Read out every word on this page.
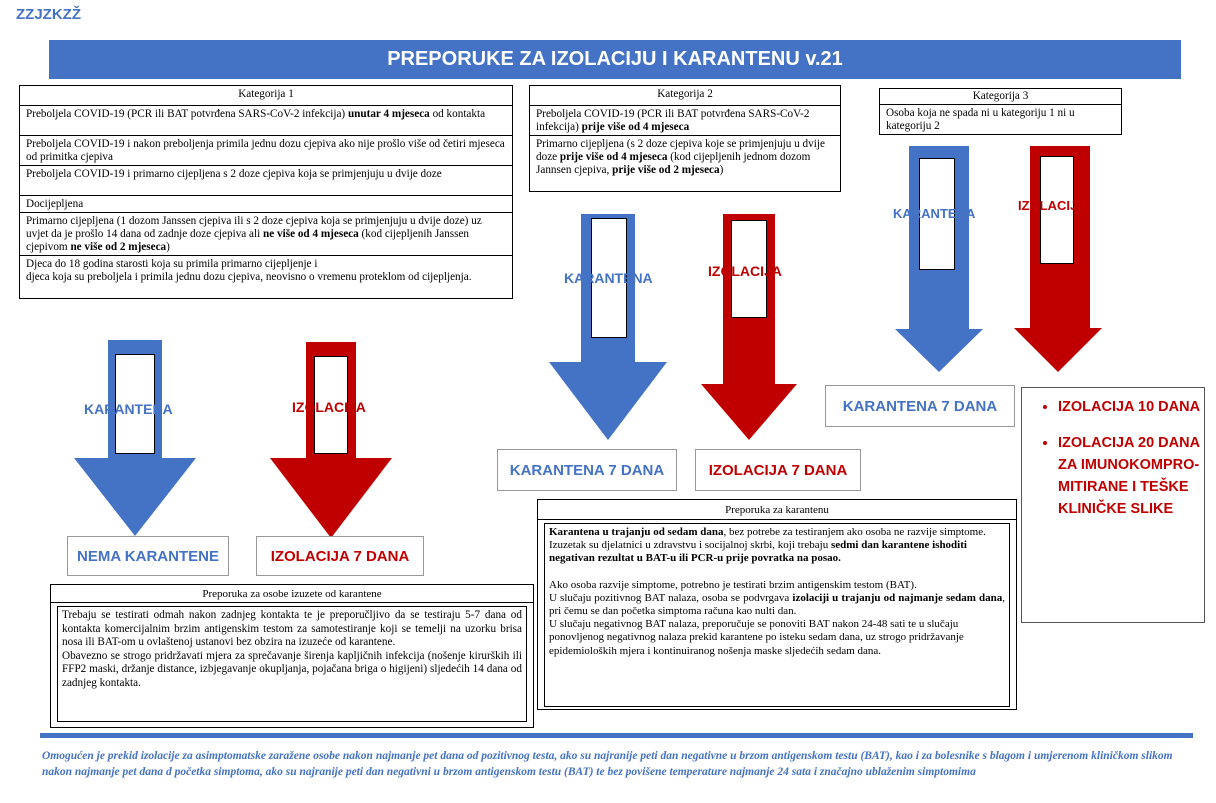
ZZJZKZŽ
PREPORUKE ZA IZOLACIJU I KARANTENU v.21
Kategorija 1
Preboljela COVID-19 (PCR ili BAT potvrđena SARS-CoV-2 infekcija) unutar 4 mjeseca od kontakta
Preboljela COVID-19 i nakon preboljenja primila jednu dozu cjepiva ako nije prošlo više od četiri mjeseca od primitka cjepiva
Preboljela COVID-19 i primarno cijepljena s 2 doze cjepiva koja se primjenjuju u dvije doze
Docijepljena
Primarno cijepljena (1 dozom Janssen cjepiva ili s 2 doze cjepiva koja se primjenjuju u dvije doze) uz uvjet da je prošlo 14 dana od zadnje doze cjepiva ali ne više od 4 mjeseca (kod cijepljenih Janssen cjepivom ne više od 2 mjeseca)
Djeca do 18 godina starosti koja su primila primarno cijepljenje i
djeca koja su preboljela i primila jednu dozu cjepiva, neovisno o vremenu proteklom od cijepljenja.
Kategorija 2
Preboljela COVID-19 (PCR ili BAT potvrđena SARS-CoV-2 infekcija) prije više od 4 mjeseca
Primarno cijepljena (s 2 doze cjepiva koje se primjenjuju u dvije doze prije više od 4 mjeseca (kod cijepljenih jednom dozom Jannsen cjepiva, prije više od 2 mjeseca)
Kategorija 3
Osoba koja ne spada ni u kategoriju 1 ni u kategoriju 2
KARANTENA	IZOLACIJA
KARANTENA	IZOLACIJA
KARANTENA
IZOLACIJA
NEMA KARANTENE	IZOLACIJA 7 DANA
KARANTENA 7 DANA	IZOLACIJA 7 DANA
KARANTENA 7 DANA
•	IZOLACIJA 10 DANA
• IZOLACIJA 20 DANA ZA IMUNOKOMPRO-MITIRANE I TEŠKE KLINIČKE SLIKE
Preporuka za osobe izuzete od karantene
Trebaju se testirati odmah nakon zadnjeg kontakta te je preporučljivo da se testiraju 5-7 dana od kontakta komercijalnim brzim antigenskim testom za samotestiranje koji se temelji na uzorku brisa nosa ili BAT-om u ovlaštenoj ustanovi bez obzira na izuzeće od karantene.
Obavezno se strogo pridržavati mjera za sprečavanje širenja kapljičnih infekcija (nošenje kirurških ili FFP2 maski, držanje distance, izbjegavanje okupljanja, pojačana briga o higijeni) sljedećih 14 dana od zadnjeg kontakta.
Preporuka za karantenu
Karantena u trajanju od sedam dana, bez potrebe za testiranjem ako osoba ne razvije simptome.
Izuzetak su djelatnici u zdravstvu i socijalnoj skrbi, koji trebaju sedmi dan karantene ishoditi negativan rezultat u BAT-u ili PCR-u prije povratka na posao.
Ako osoba razvije simptome, potrebno je testirati brzim antigenskim testom (BAT).
U slučaju pozitivnog BAT nalaza, osoba se podvrgava izolaciji u trajanju od najmanje sedam dana, pri čemu se dan početka simptoma računa kao nulti dan.
U slučaju negativnog BAT nalaza, preporučuje se ponoviti BAT nakon 24-48 sati te u slučaju ponovljenog negativnog nalaza prekid karantene po isteku sedam dana, uz strogo pridržavanje epidemioloških mjera i kontinuiranog nošenja maske sljedećih sedam dana.
Omogućen je prekid izolacije za asimptomatske zaražene osobe nakon najmanje pet dana od pozitivnog testa, ako su najranije peti dan negativne u brzom antigenskom testu (BAT), kao i za bolesnike s blagom i umjerenom kliničkom slikom nakon najmanje pet dana d početka simptoma, ako su najranije peti dan negativni u brzom antigenskom testu (BAT) te bez povišene temperature najmanje 24 sata i značajno ublaženim simptomima
